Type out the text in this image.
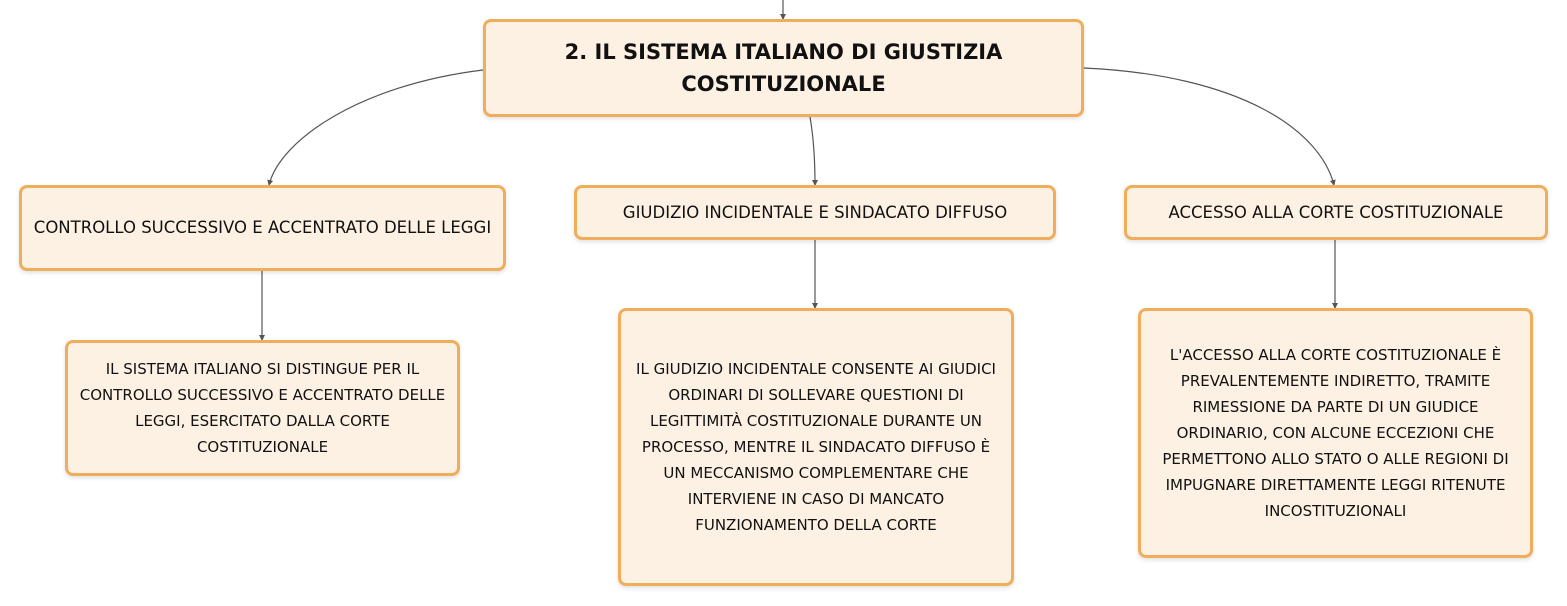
2. IL SISTEMA ITALIANO DI GIUSTIZIA COSTITUZIONALE
CONTROLLO SUCCESSIVO E ACCENTRATO DELLE LEGGI
GIUDIZIO INCIDENTALE E SINDACATO DIFFUSO	ACCESSO ALLA CORTE COSTITUZIONALE
IL SISTEMA ITALIANO SI DISTINGUE PER IL CONTROLLO SUCCESSIVO E ACCENTRATO DELLE LEGGI, ESERCITATO DALLA CORTE COSTITUZIONALE
IL GIUDIZIO INCIDENTALE CONSENTE AI GIUDICI ORDINARI DI SOLLEVARE QUESTIONI DI LEGITTIMITÀ COSTITUZIONALE DURANTE UN PROCESSO, MENTRE IL SINDACATO DIFFUSO È UN MECCANISMO COMPLEMENTARE CHE INTERVIENE IN CASO DI MANCATO FUNZIONAMENTO DELLA CORTE
L'ACCESSO ALLA CORTE COSTITUZIONALE È PREVALENTEMENTE INDIRETTO, TRAMITE RIMESSIONE DA PARTE DI UN GIUDICE ORDINARIO, CON ALCUNE ECCEZIONI CHE PERMETTONO ALLO STATO O ALLE REGIONI DI IMPUGNARE DIRETTAMENTE LEGGI RITENUTE INCOSTITUZIONALI
